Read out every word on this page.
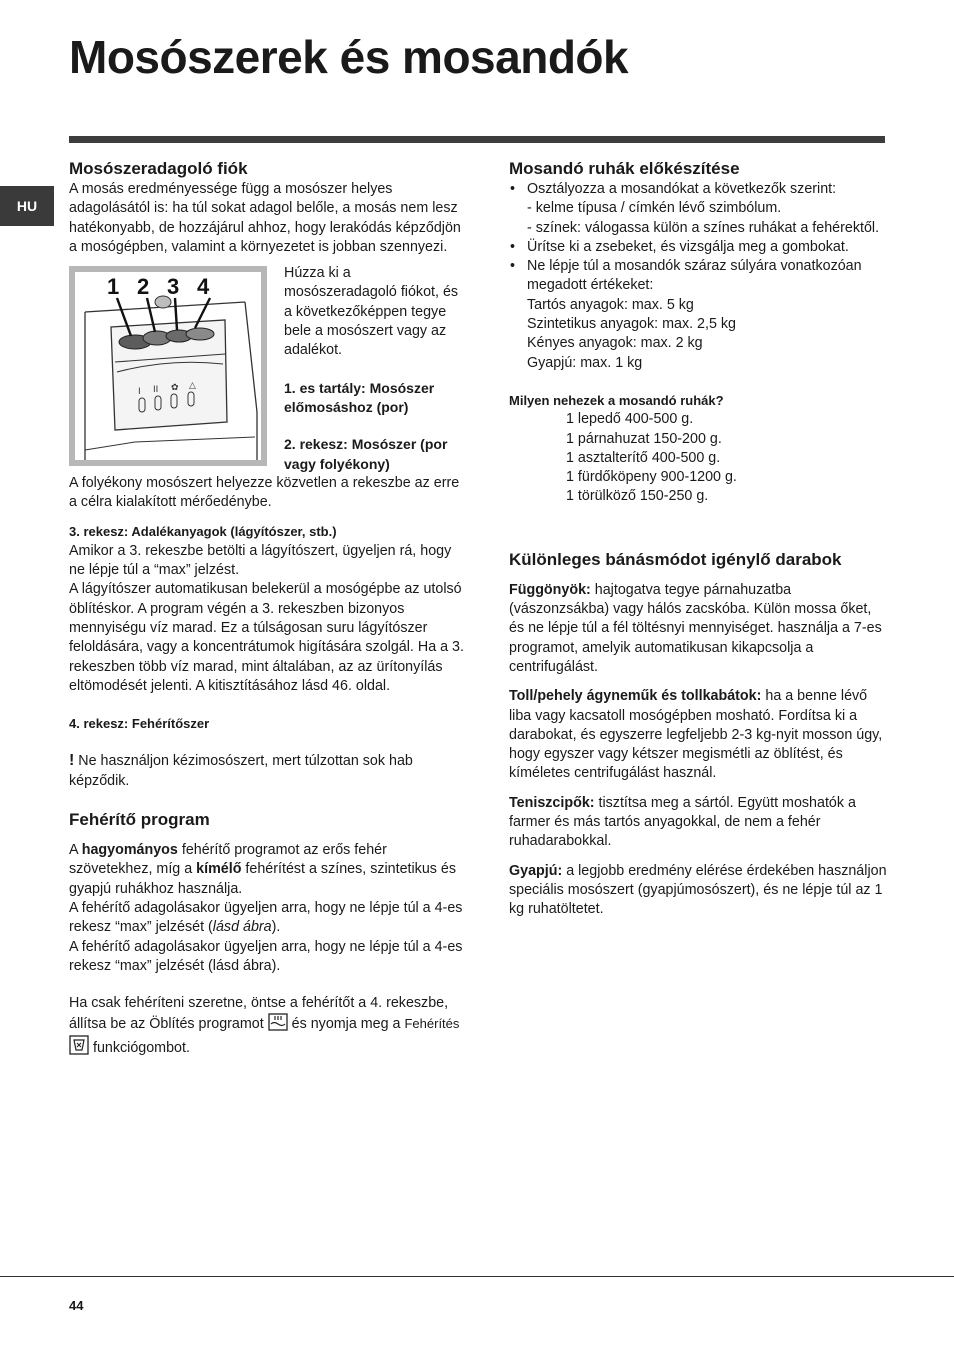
Mosószerek és mosandók
HU
Mosószeradagoló fiók

A mosás eredményessége függ a mosószer helyes adagolásától is: ha túl sokat adagol belőle, a mosás nem lesz hatékonyabb, de hozzájárul ahhoz, hogy lerakódás képződjön a mosógépben, valamint a környezetet is jobban szennyezi.

I II ✿ △
1 2 3 4

Húzza ki a mosószeradagoló fiókot, és a következőképpen tegye bele a mosószert vagy az adalékot.

1. es tartály: Mosószer előmosáshoz (por)

2. rekesz: Mosószer (por vagy folyékony)

A folyékony mosószert helyezze közvetlen a rekeszbe az erre a célra kialakított mérőedénybe.

3. rekesz: Adalékanyagok (lágyítószer, stb.)

Amikor a 3. rekeszbe betölti a lágyítószert, ügyeljen rá, hogy ne lépje túl a “max” jelzést.

A lágyítószer automatikusan belekerül a mosógépbe az utolsó öblítéskor. A program végén a 3. rekeszben bizonyos mennyiségu víz marad. Ez a túlságosan suru lágyítószer feloldására, vagy a koncentrátumok higítására szolgál. Ha a 3. rekeszben több víz marad, mint általában, az az ürítonyílás eltömodését jelenti. A kitisztításához lásd 46. oldal.

4. rekesz: Fehérítőszer

! Ne használjon kézimosószert, mert túlzottan sok hab képződik.

Fehérítő program

A hagyományos fehérítő programot az erős fehér szövetekhez, míg a kímélő fehérítést a színes, szintetikus és gyapjú ruhákhoz használja.

A fehérítő adagolásakor ügyeljen arra, hogy ne lépje túl a 4-es rekesz “max” jelzését (lásd ábra).

A fehérítő adagolásakor ügyeljen arra, hogy ne lépje túl a 4-es rekesz “max” jelzését (lásd ábra).

Ha csak fehéríteni szeretne, öntse a fehérítőt a 4. rekeszbe, állítsa be az Öblítés programot  és nyomja meg a Fehérítés  funkciógombot.

Mosandó ruhák előkészítése
• Osztályozza a mosandókat a következők szerint:
- kelme típusa / címkén lévő szimbólum.
- színek: válogassa külön a színes ruhákat a fehérektől.
• Ürítse ki a zsebeket, és vizsgálja meg a gombokat.
• Ne lépje túl a mosandók száraz súlyára vonatkozóan megadott értékeket:

Tartós anyagok: max. 5 kg

Szintetikus anyagok: max. 2,5 kg

Kényes anyagok: max. 2 kg

Gyapjú: max. 1 kg

Milyen nehezek a mosandó ruhák?

1 lepedő 400-500 g.

1 párnahuzat 150-200 g.

1 asztalterítő 400-500 g.

1 fürdőköpeny 900-1200 g.

1 törülköző 150-250 g.

Különleges bánásmódot igénylő darabok

Függönyök: hajtogatva tegye párnahuzatba (vászonzsákba) vagy hálós zacskóba. Külön mossa őket, és ne lépje túl a fél töltésnyi mennyiséget. használja a 7-es programot, amelyik automatikusan kikapcsolja a centrifugálást.

Toll/pehely ágyneműk és tollkabátok: ha a benne lévő liba vagy kacsatoll mosógépben mosható. Fordítsa ki a darabokat, és egyszerre legfeljebb 2-3 kg-nyit mosson úgy, hogy egyszer vagy kétszer megismétli az öblítést, és kíméletes centrifugálást használ.

Teniszcipők: tisztítsa meg a sártól. Együtt moshatók a farmer és más tartós anyagokkal, de nem a fehér ruhadarabokkal.

Gyapjú: a legjobb eredmény elérése érdekében használjon speciális mosószert (gyapjúmosószert), és ne lépje túl az 1 kg ruhatöltetet.

44
